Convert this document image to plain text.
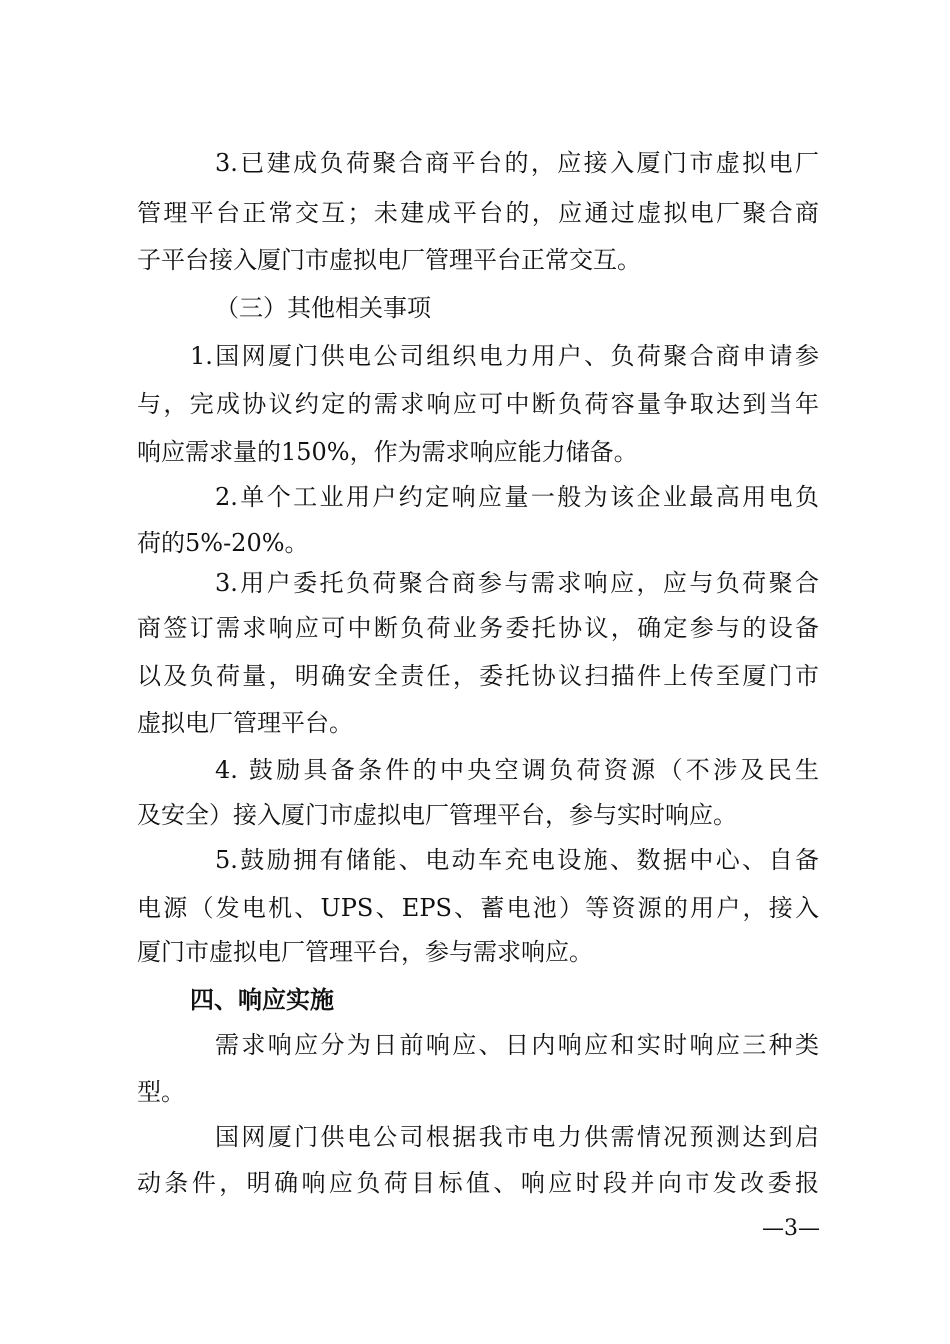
3.已建成负荷聚合商平台的，应接入厦门市虚拟电厂
管理平台正常交互；未建成平台的，应通过虚拟电厂聚合商
子平台接入厦门市虚拟电厂管理平台正常交互。
（三）其他相关事项
1.国网厦门供电公司组织电力用户、负荷聚合商申请参
与，完成协议约定的需求响应可中断负荷容量争取达到当年
响应需求量的150%，作为需求响应能力储备。
2.单个工业用户约定响应量一般为该企业最高用电负
荷的5%-20%。
3.用户委托负荷聚合商参与需求响应，应与负荷聚合
商签订需求响应可中断负荷业务委托协议，确定参与的设备
以及负荷量，明确安全责任，委托协议扫描件上传至厦门市
虚拟电厂管理平台。
4. 鼓励具备条件的中央空调负荷资源（不涉及民生
及安全）接入厦门市虚拟电厂管理平台，参与实时响应。
5.鼓励拥有储能、电动车充电设施、数据中心、自备
电源（发电机、UPS、EPS、蓄电池）等资源的用户，接入
厦门市虚拟电厂管理平台，参与需求响应。
四、响应实施
需求响应分为日前响应、日内响应和实时响应三种类
型。
国网厦门供电公司根据我市电力供需情况预测达到启
动条件，明确响应负荷目标值、响应时段并向市发改委报
—3—
